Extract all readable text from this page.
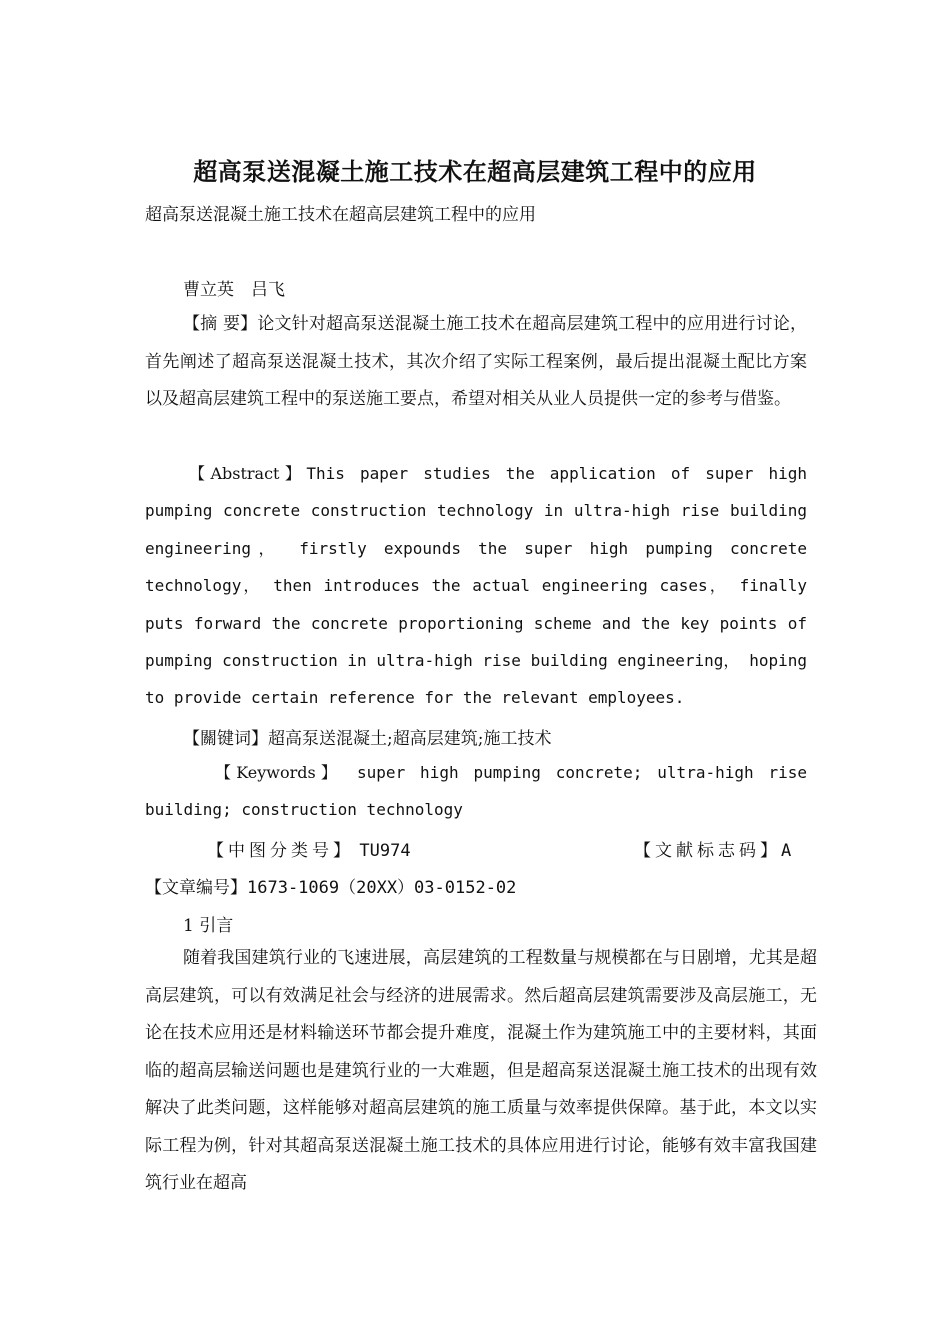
超高泵送混凝土施工技术在超高层建筑工程中的应用

超高泵送混凝土施工技术在超高层建筑工程中的应用

曹立英　吕飞

【摘 要】论文针对超高泵送混凝土施工技术在超高层建筑工程中的应用进行讨论，首先阐述了超高泵送混凝土技术，其次介绍了实际工程案例，最后提出混凝土配比方案以及超高层建筑工程中的泵送施工要点，希望对相关从业人员提供一定的参考与借鉴。

【Abstract】This paper studies the application of super high pumping concrete construction technology in ultra-high rise building engineering， firstly expounds the super high pumping concrete technology， then introduces the actual engineering cases， finally puts forward the concrete proportioning scheme and the key points of pumping construction in ultra-high rise building engineering， hoping to provide certain reference for the relevant employees.

【關键词】超高泵送混凝土;超高层建筑;施工技术

【Keywords】 super high pumping concrete; ultra-high rise building; construction technology

【中图分类号】 TU974	【文献标志码】A

【文章编号】1673-1069（20XX）03-0152-02

1 引言

随着我国建筑行业的飞速进展，高层建筑的工程数量与规模都在与日剧增，尤其是超高层建筑，可以有效满足社会与经济的进展需求。然后超高层建筑需要涉及高层施工，无论在技术应用还是材料输送环节都会提升难度，混凝土作为建筑施工中的主要材料，其面临的超高层输送问题也是建筑行业的一大难题，但是超高泵送混凝土施工技术的出现有效解决了此类问题，这样能够对超高层建筑的施工质量与效率提供保障。基于此，本文以实际工程为例，针对其超高泵送混凝土施工技术的具体应用进行讨论，能够有效丰富我国建筑行业在超高
